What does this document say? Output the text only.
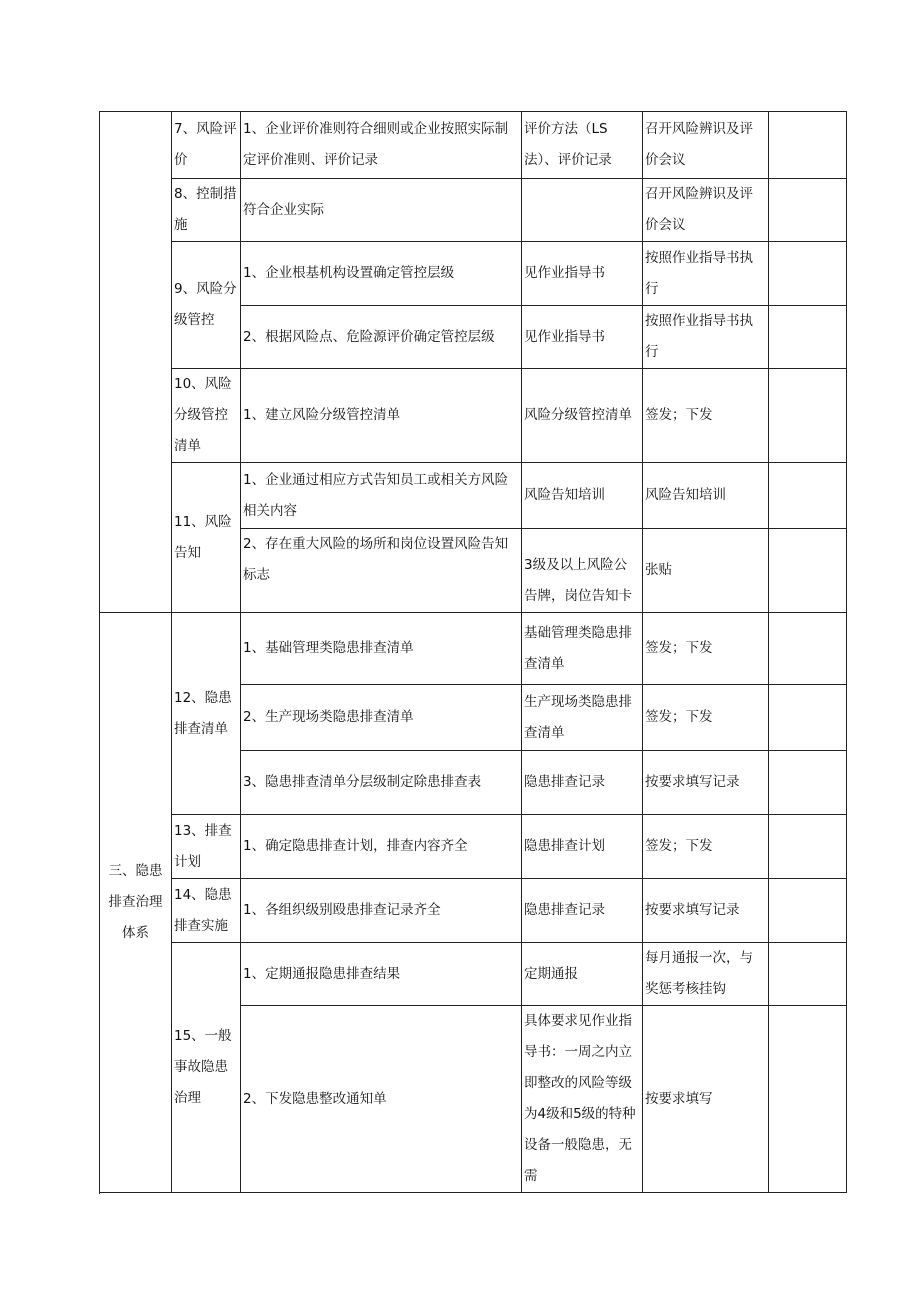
	7、风险评价	1、企业评价准则符合细则或企业按照实际制定评价准则、评价记录	评价方法（LS法）、评价记录	召开风险辨识及评价会议	
	8、控制措施	符合企业实际		召开风险辨识及评价会议	
	9、风险分级管控	1、企业根基机构设置确定管控层级	见作业指导书	按照作业指导书执行	
		2、根据风险点、危险源评价确定管控层级	见作业指导书	按照作业指导书执行	
	10、风险分级管控清单	1、建立风险分级管控清单	风险分级管控清单	签发；下发	
	11、风险告知	1、企业通过相应方式告知员工或相关方风险相关内容	风险告知培训	风险告知培训	
		2、存在重大风险的场所和岗位设置风险告知标志	3级及以上风险公告牌，岗位告知卡	张贴	

三、隐患排查治理体系	12、隐患排查清单	1、基础管理类隐患排查清单	基础管理类隐患排查清单	签发；下发	
		2、生产现场类隐患排查清单	生产现场类隐患排查清单	签发；下发	
		3、隐患排查清单分层级制定除患排查表	隐患排查记录	按要求填写记录	
	13、排查计划	1、确定隐患排查计划，排查内容齐全	隐患排查计划	签发；下发	
	14、隐患排查实施	1、各组织级别殴患排查记录齐全	隐患排查记录	按要求填写记录	
	15、一般事故隐患治理	1、定期通报隐患排查结果	定期通报	每月通报一次，与奖惩考核挂钩	
		2、下发隐患整改通知单	具体要求见作业指导书：一周之内立即整改的风险等级为4级和5级的特种设备一般隐患，无需	按要求填写	
